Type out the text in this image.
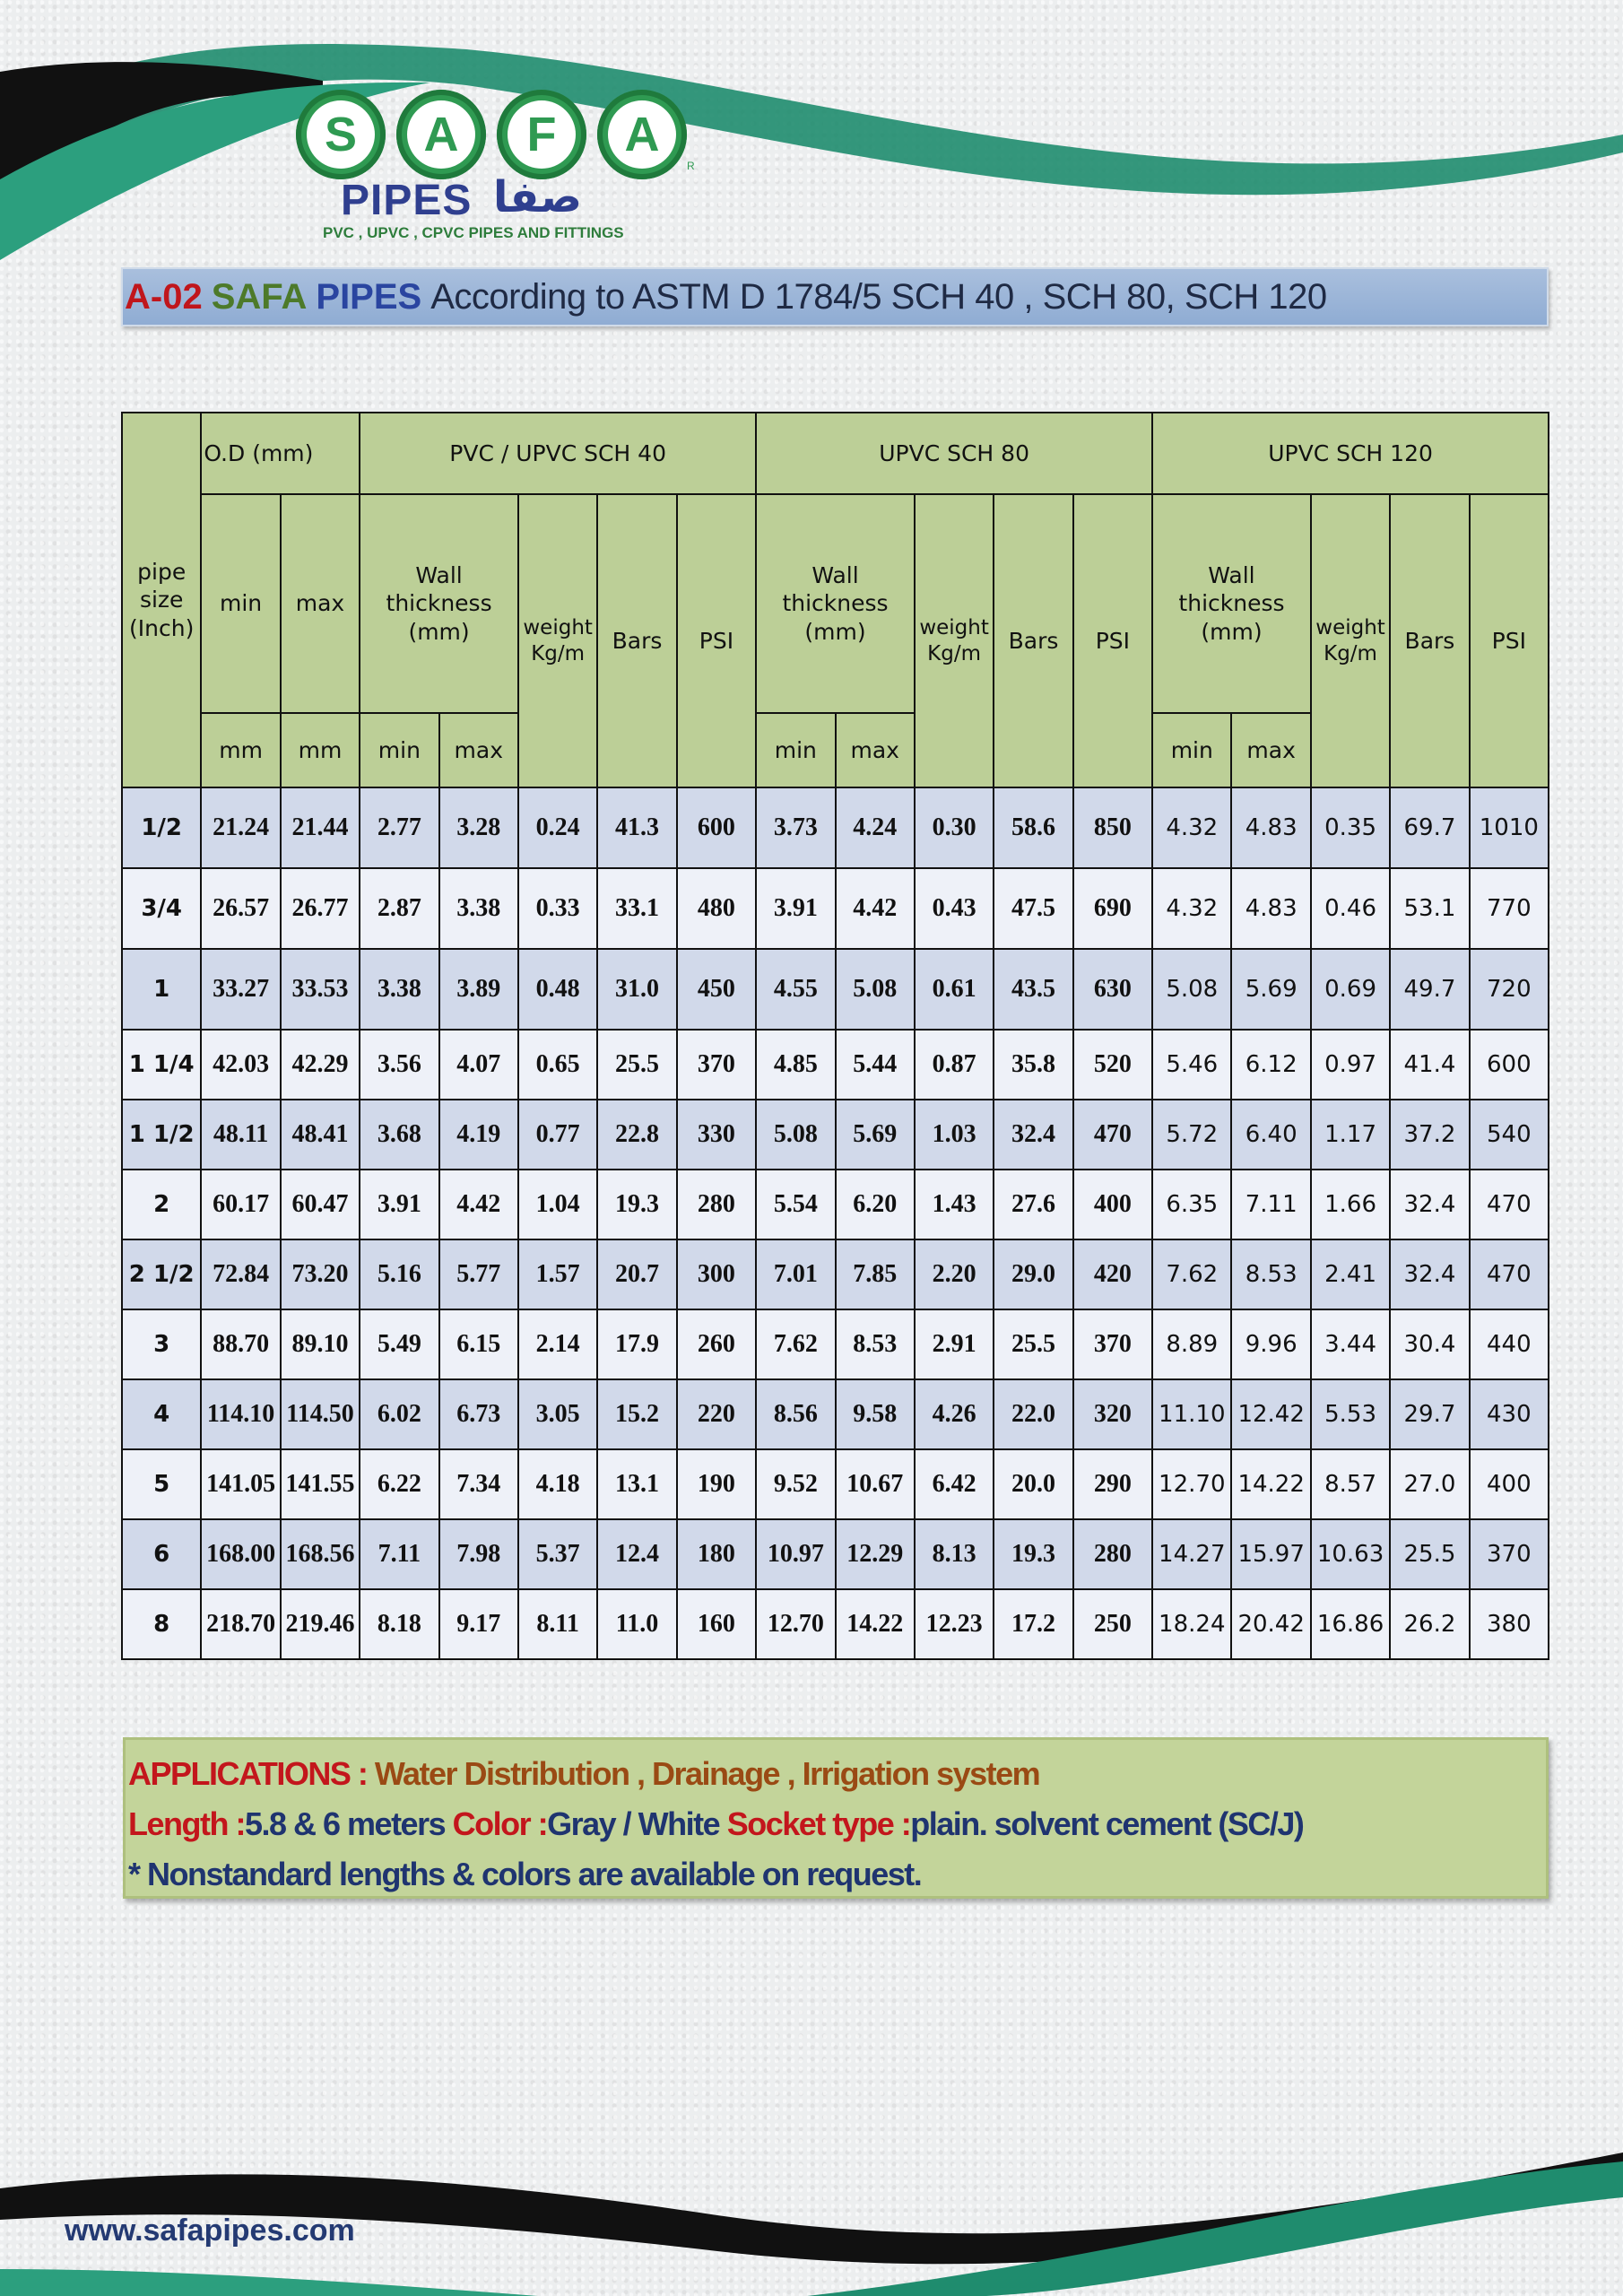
S	A	F	A
R
PIPES صفا
PVC , UPVC , CPVC PIPES AND FITTINGS
A-02 SAFA PIPES According to ASTM D 1784/5 SCH 40 , SCH 80, SCH 120
pipe size (Inch)	O.D (mm)		PVC / UPVC SCH 40					UPVC SCH 80					UPVC SCH 120				
	min	max	Wall thickness (mm)		weight Kg/m	Bars	PSI	Wall thickness (mm)		weight Kg/m	Bars	PSI	Wall thickness (mm)		weight Kg/m	Bars	PSI
	mm	mm	min	max				min	max				min	max			
1/2	21.24	21.44	2.77	3.28	0.24	41.3	600	3.73	4.24	0.30	58.6	850	4.32	4.83	0.35	69.7	1010
3/4	26.57	26.77	2.87	3.38	0.33	33.1	480	3.91	4.42	0.43	47.5	690	4.32	4.83	0.46	53.1	770
1	33.27	33.53	3.38	3.89	0.48	31.0	450	4.55	5.08	0.61	43.5	630	5.08	5.69	0.69	49.7	720
1 1/4	42.03	42.29	3.56	4.07	0.65	25.5	370	4.85	5.44	0.87	35.8	520	5.46	6.12	0.97	41.4	600
1 1/2	48.11	48.41	3.68	4.19	0.77	22.8	330	5.08	5.69	1.03	32.4	470	5.72	6.40	1.17	37.2	540
2	60.17	60.47	3.91	4.42	1.04	19.3	280	5.54	6.20	1.43	27.6	400	6.35	7.11	1.66	32.4	470
2 1/2	72.84	73.20	5.16	5.77	1.57	20.7	300	7.01	7.85	2.20	29.0	420	7.62	8.53	2.41	32.4	470
3	88.70	89.10	5.49	6.15	2.14	17.9	260	7.62	8.53	2.91	25.5	370	8.89	9.96	3.44	30.4	440
4	114.10	114.50	6.02	6.73	3.05	15.2	220	8.56	9.58	4.26	22.0	320	11.10	12.42	5.53	29.7	430
5	141.05	141.55	6.22	7.34	4.18	13.1	190	9.52	10.67	6.42	20.0	290	12.70	14.22	8.57	27.0	400
6	168.00	168.56	7.11	7.98	5.37	12.4	180	10.97	12.29	8.13	19.3	280	14.27	15.97	10.63	25.5	370
8	218.70	219.46	8.18	9.17	8.11	11.0	160	12.70	14.22	12.23	17.2	250	18.24	20.42	16.86	26.2	380
APPLICATIONS : Water Distribution , Drainage , Irrigation system
Length :5.8 & 6 meters Color :Gray / White Socket type :plain. solvent cement (SC/J)
* Nonstandard lengths & colors are available on request.
www.safapipes.com
